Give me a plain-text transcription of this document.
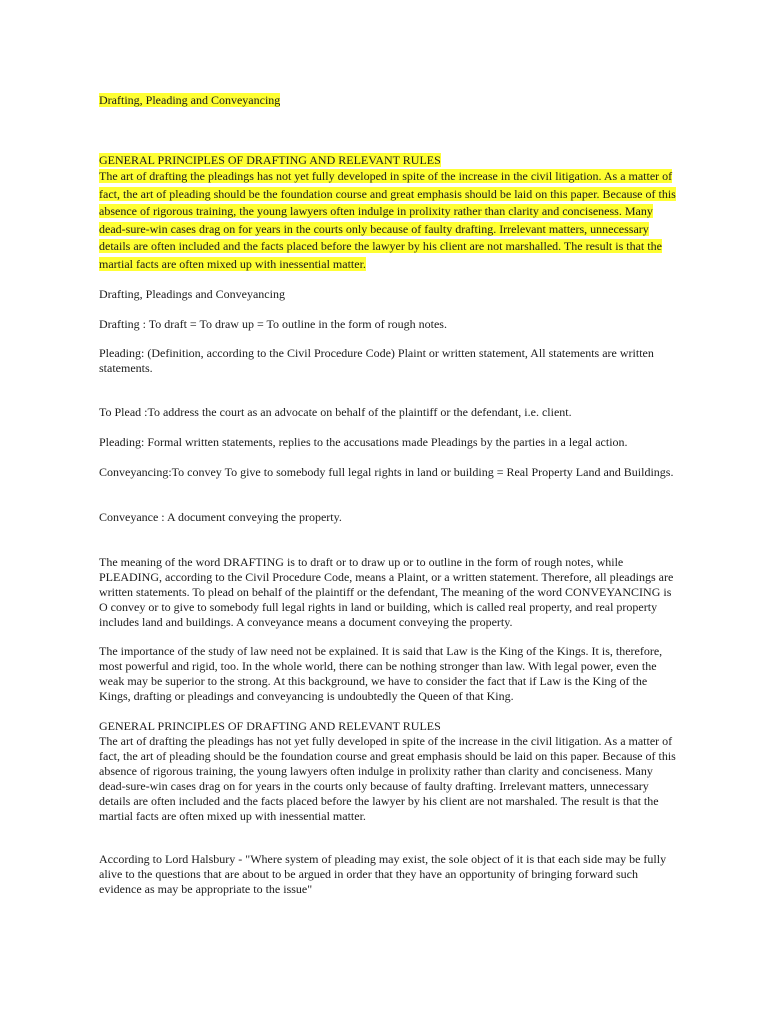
Drafting, Pleading and Conveyancing

GENERAL PRINCIPLES OF DRAFTING AND RELEVANT RULES

The art of drafting the pleadings has not yet fully developed in spite of the increase in the civil litigation. As a matter of fact, the art of pleading should be the foundation course and great emphasis should be laid on this paper. Because of this absence of rigorous training, the young lawyers often indulge in prolixity rather than clarity and conciseness. Many dead-sure-win cases drag on for years in the courts only because of faulty drafting. Irrelevant matters, unnecessary details are often included and the facts placed before the lawyer by his client are not marshalled. The result is that the martial facts are often mixed up with inessential matter.

Drafting, Pleadings and Conveyancing

Drafting : To draft = To draw up = To outline in the form of rough notes.

Pleading: (Definition, according to the Civil Procedure Code) Plaint or written statement, All statements are written statements.

To Plead :To address the court as an advocate on behalf of the plaintiff or the defendant, i.e. client.

Pleading: Formal written statements, replies to the accusations made Pleadings by the parties in a legal action.

Conveyancing:To convey To give to somebody full legal rights in land or building = Real Property Land and Buildings.

Conveyance : A document conveying the property.

The meaning of the word DRAFTING is to draft or to draw up or to outline in the form of rough notes, while PLEADING, according to the Civil Procedure Code, means a Plaint, or a written statement. Therefore, all pleadings are written statements. To plead on behalf of the plaintiff or the defendant, The meaning of the word CONVEYANCING is O convey or to give to somebody full legal rights in land or building, which is called real property, and real property includes land and buildings. A conveyance means a document conveying the property.

The importance of the study of law need not be explained. It is said that Law is the King of the Kings. It is, therefore, most powerful and rigid, too. In the whole world, there can be nothing stronger than law. With legal power, even the weak may be superior to the strong. At this background, we have to consider the fact that if Law is the King of the Kings, drafting or pleadings and conveyancing is undoubtedly the Queen of that King.

GENERAL PRINCIPLES OF DRAFTING AND RELEVANT RULES

The art of drafting the pleadings has not yet fully developed in spite of the increase in the civil litigation. As a matter of fact, the art of pleading should be the foundation course and great emphasis should be laid on this paper. Because of this absence of rigorous training, the young lawyers often indulge in prolixity rather than clarity and conciseness. Many dead-sure-win cases drag on for years in the courts only because of faulty drafting. Irrelevant matters, unnecessary details are often included and the facts placed before the lawyer by his client are not marshaled. The result is that the martial facts are often mixed up with inessential matter.

According to Lord Halsbury - "Where system of pleading may exist, the sole object of it is that each side may be fully alive to the questions that are about to be argued in order that they have an opportunity of bringing forward such evidence as may be appropriate to the issue"
